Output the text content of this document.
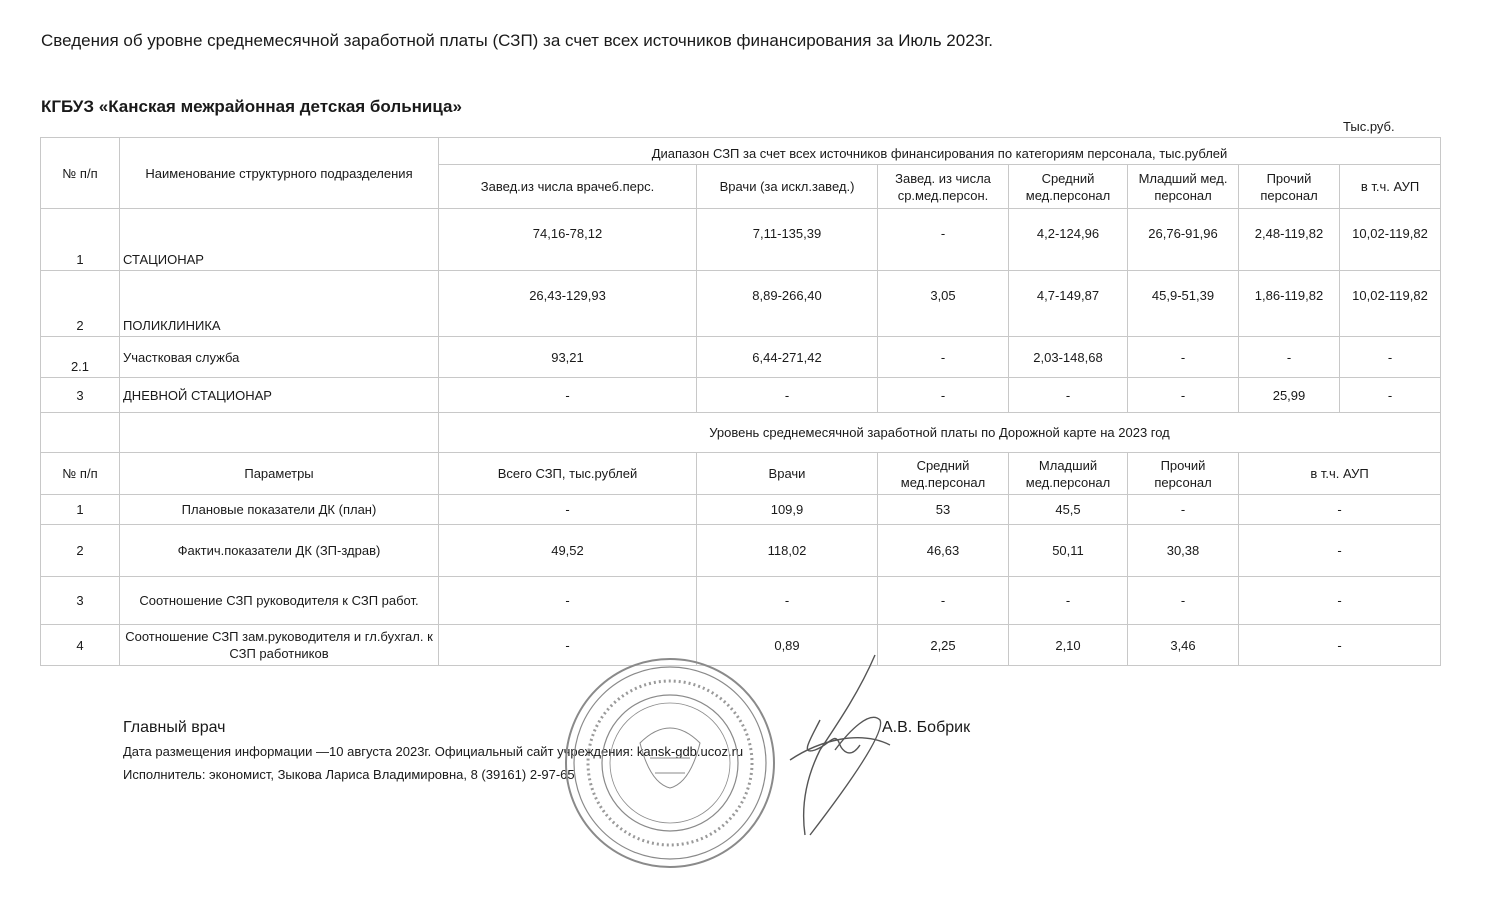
Сведения об уровне среднемесячной заработной платы (СЗП) за счет всех источников финансирования за Июль 2023г.
КГБУЗ «Канская межрайонная детская больница»
Тыс.руб.
№ п/п	Наименование структурного подразделения	Диапазон СЗП за счет всех источников финансирования по категориям персонала, тыс.рублей						
		Завед.из числа врачеб.перс.	Врачи (за искл.завед.)	Завед. из числа ср.мед.персон.	Средний мед.персонал	Младший мед. персонал	Прочий персонал	в т.ч. АУП
1	СТАЦИОНАР	74,16-78,12	7,11-135,39	-	4,2-124,96	26,76-91,96	2,48-119,82	10,02-119,82
2	ПОЛИКЛИНИКА	26,43-129,93	8,89-266,40	3,05	4,7-149,87	45,9-51,39	1,86-119,82	10,02-119,82
2.1	Участковая служба	93,21	6,44-271,42	-	2,03-148,68	-	-	-
3	ДНЕВНОЙ СТАЦИОНАР	-	-	-	-	-	25,99	-
		Уровень среднемесячной заработной платы по Дорожной карте на 2023 год					
№ п/п	Параметры	Всего СЗП, тыс.рублей	Врачи	Средний мед.персонал	Младший мед.персонал	Прочий персонал	в т.ч. АУП
1	Плановые показатели ДК (план)	-	109,9	53	45,5	-	-
2	Фактич.показатели ДК (ЗП-здрав)	49,52	118,02	46,63	50,11	30,38	-
3	Соотношение СЗП руководителя к СЗП работ.	-	-	-	-	-	-
4	Соотношение СЗП зам.руководителя и гл.бухгал. к СЗП работников	-	0,89	2,25	2,10	3,46	-
Главный врач	А.В. Бобрик
Дата размещения информации —10 августа 2023г. Официальный сайт учреждения: kansk-gdb.ucoz.ru
Исполнитель: экономист, Зыкова Лариса Владимировна, 8 (39161) 2-97-65
